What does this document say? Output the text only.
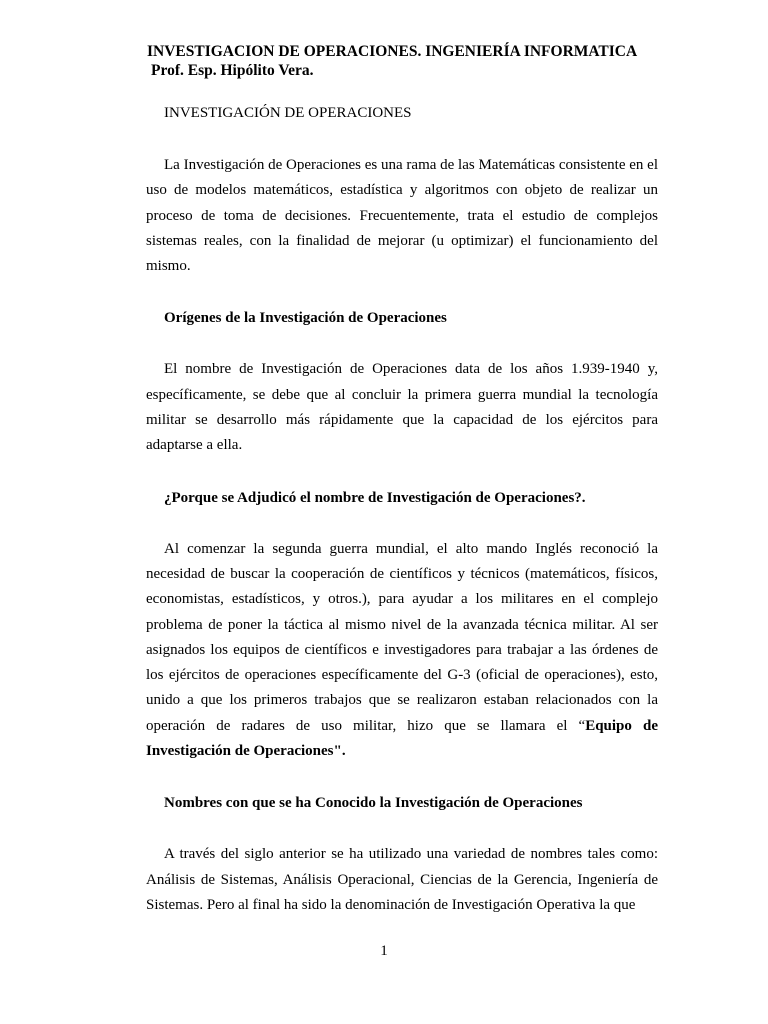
INVESTIGACION DE OPERACIONES. INGENIERÍA INFORMATICA
Prof. Esp. Hipólito Vera.

INVESTIGACIÓN DE OPERACIONES

La Investigación de Operaciones es una rama de las Matemáticas consistente en el uso de modelos matemáticos, estadística y algoritmos con objeto de realizar un proceso de toma de decisiones. Frecuentemente, trata el estudio de complejos sistemas reales, con la finalidad de mejorar (u optimizar) el funcionamiento del mismo.

Orígenes de la Investigación de Operaciones

El nombre de Investigación de Operaciones data de los años 1.939-1940 y, específicamente, se debe que al concluir la primera guerra mundial la tecnología militar se desarrollo más rápidamente que la capacidad de los ejércitos para adaptarse a ella.

¿Porque se Adjudicó el nombre de Investigación de Operaciones?.

Al comenzar la segunda guerra mundial, el alto mando Inglés reconoció la necesidad de buscar la cooperación de científicos y técnicos (matemáticos, físicos, economistas, estadísticos, y otros.), para ayudar a los militares en el complejo problema de poner la táctica al mismo nivel de la avanzada técnica militar. Al ser asignados los equipos de científicos e investigadores para trabajar a las órdenes de los ejércitos de operaciones específicamente del G-3 (oficial de operaciones), esto, unido a que los primeros trabajos que se realizaron estaban relacionados con la operación de radares de uso militar, hizo que se llamara el “Equipo de Investigación de Operaciones".

Nombres con que se ha Conocido la Investigación de Operaciones

A través del siglo anterior se ha utilizado una variedad de nombres tales como: Análisis de Sistemas, Análisis Operacional, Ciencias de la Gerencia, Ingeniería de Sistemas. Pero al final ha sido la denominación de Investigación Operativa la que

1
